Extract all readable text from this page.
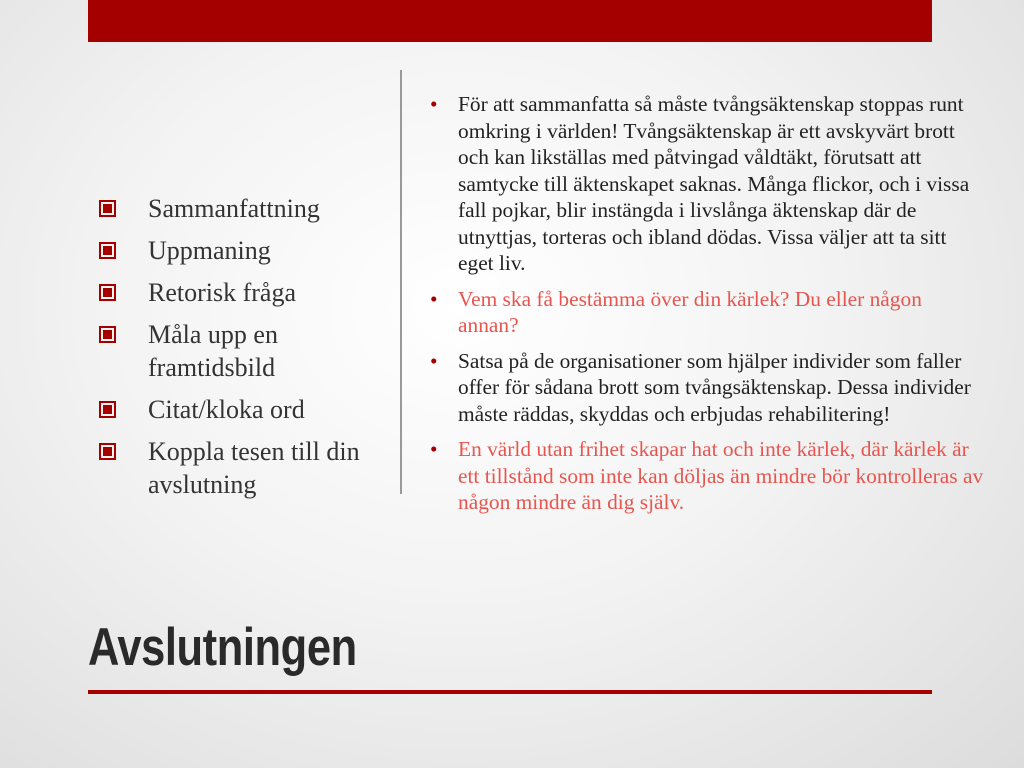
Sammanfattning
Uppmaning
Retorisk fråga
Måla upp en framtidsbild
Citat/kloka ord
Koppla tesen till din avslutning
• För att sammanfatta så måste tvångsäktenskap stoppas runt omkring i världen! Tvångsäktenskap är ett avskyvärt brott och kan likställas med påtvingad våldtäkt, förutsatt att samtycke till äktenskapet saknas. Många flickor, och i vissa fall pojkar, blir instängda i livslånga äktenskap där de utnyttjas, torteras och ibland dödas. Vissa väljer att ta sitt eget liv.
• Vem ska få bestämma över din kärlek? Du eller någon annan?
• Satsa på de organisationer som hjälper individer som faller offer för sådana brott som tvångsäktenskap. Dessa individer måste räddas, skyddas och erbjudas rehabilitering!
• En värld utan frihet skapar hat och inte kärlek, där kärlek är ett tillstånd som inte kan döljas än mindre bör kontrolleras av någon mindre än dig själv.
Avslutningen
